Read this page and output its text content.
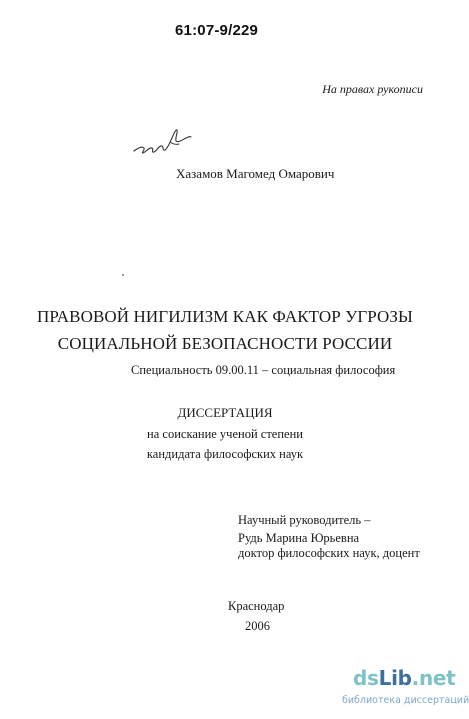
61:07-9/229
На правах рукописи
Хазамов Магомед Омарович
ПРАВОВОЙ НИГИЛИЗМ КАК ФАКТОР УГРОЗЫ
СОЦИАЛЬНОЙ БЕЗОПАСНОСТИ РОССИИ
Специальность 09.00.11 – социальная философия
ДИССЕРТАЦИЯ
на соискание ученой степени
кандидата философских наук
Научный руководитель –
Рудь Марина Юрьевна
доктор философских наук, доцент
Краснодар
2006
dsLib.net
библиотека диссертаций
